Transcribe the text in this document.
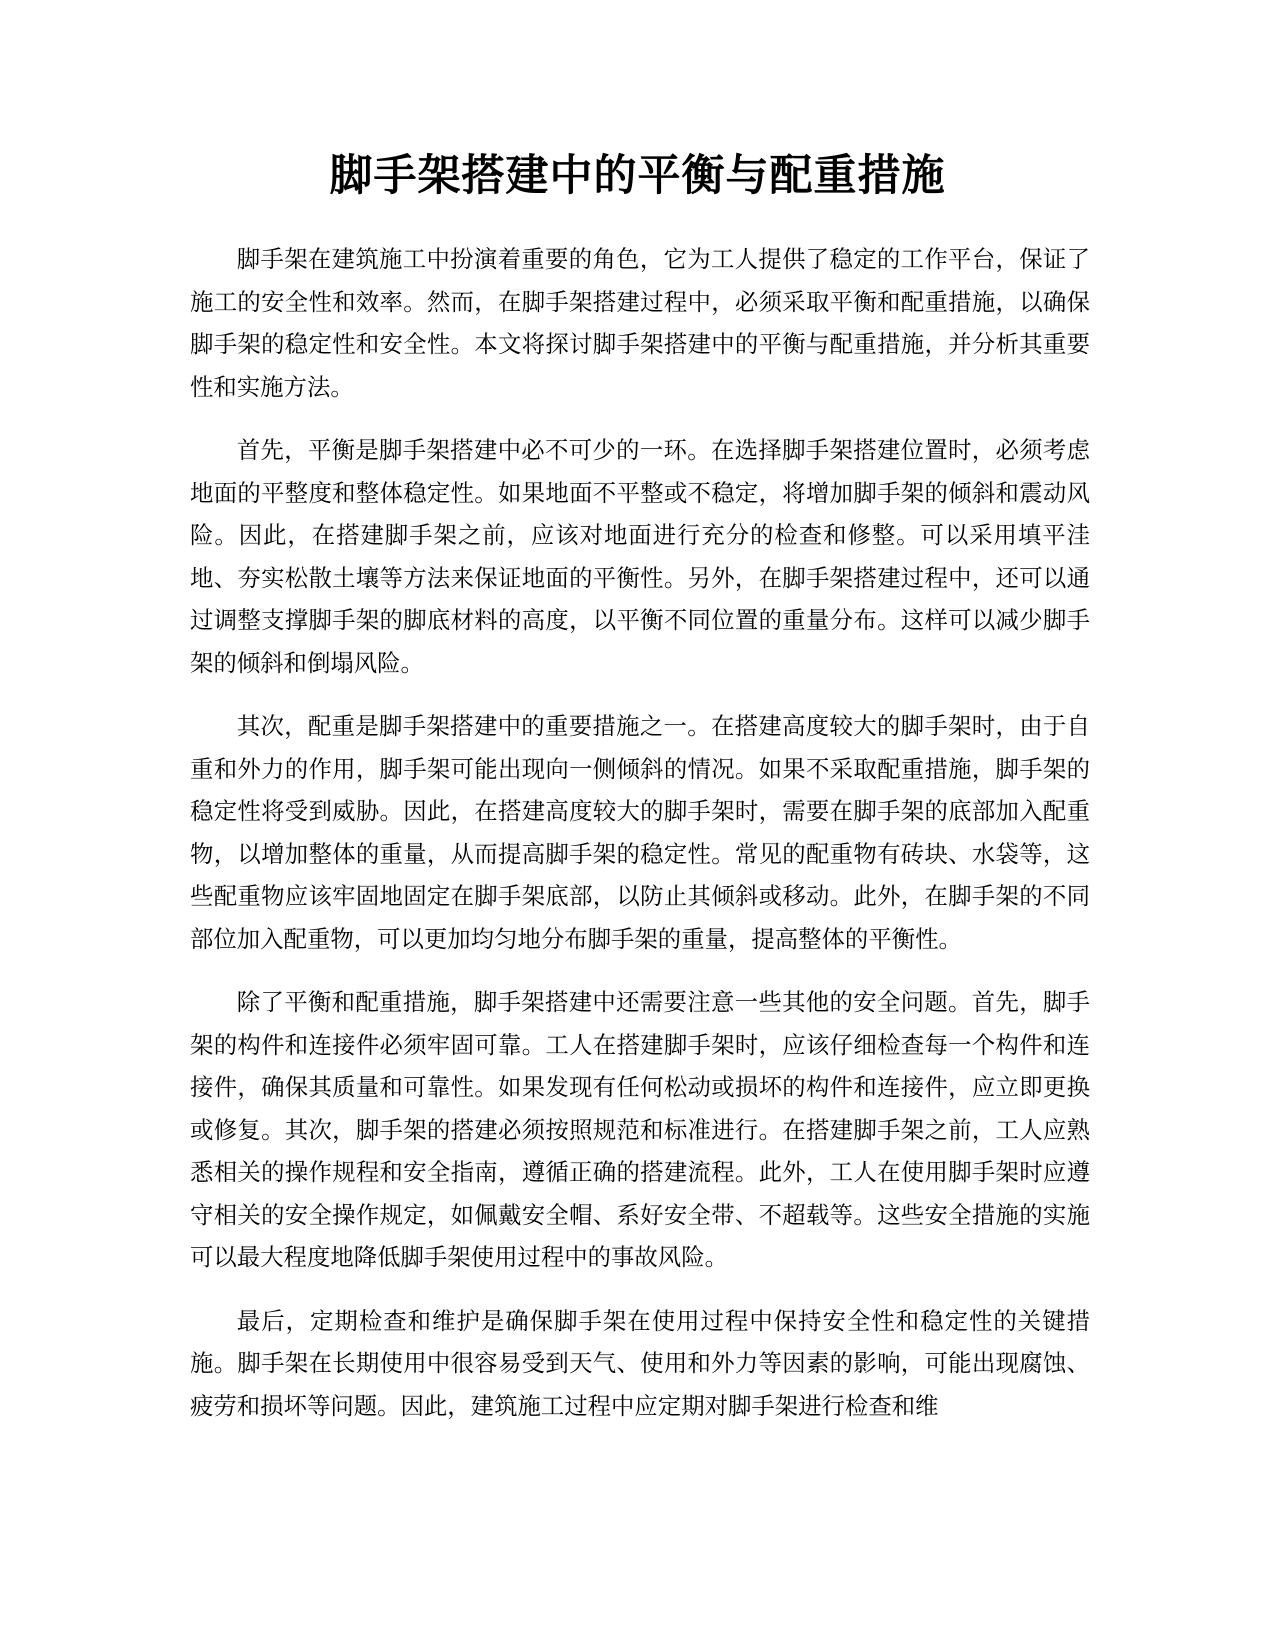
脚手架搭建中的平衡与配重措施

脚手架在建筑施工中扮演着重要的角色，它为工人提供了稳定的工作平台，保证了施工的安全性和效率。然而，在脚手架搭建过程中，必须采取平衡和配重措施，以确保脚手架的稳定性和安全性。本文将探讨脚手架搭建中的平衡与配重措施，并分析其重要性和实施方法。

首先，平衡是脚手架搭建中必不可少的一环。在选择脚手架搭建位置时，必须考虑地面的平整度和整体稳定性。如果地面不平整或不稳定，将增加脚手架的倾斜和震动风险。因此，在搭建脚手架之前，应该对地面进行充分的检查和修整。可以采用填平洼地、夯实松散土壤等方法来保证地面的平衡性。另外，在脚手架搭建过程中，还可以通过调整支撑脚手架的脚底材料的高度，以平衡不同位置的重量分布。这样可以减少脚手架的倾斜和倒塌风险。

其次，配重是脚手架搭建中的重要措施之一。在搭建高度较大的脚手架时，由于自重和外力的作用，脚手架可能出现向一侧倾斜的情况。如果不采取配重措施，脚手架的稳定性将受到威胁。因此，在搭建高度较大的脚手架时，需要在脚手架的底部加入配重物，以增加整体的重量，从而提高脚手架的稳定性。常见的配重物有砖块、水袋等，这些配重物应该牢固地固定在脚手架底部，以防止其倾斜或移动。此外，在脚手架的不同部位加入配重物，可以更加均匀地分布脚手架的重量，提高整体的平衡性。

除了平衡和配重措施，脚手架搭建中还需要注意一些其他的安全问题。首先，脚手架的构件和连接件必须牢固可靠。工人在搭建脚手架时，应该仔细检查每一个构件和连接件，确保其质量和可靠性。如果发现有任何松动或损坏的构件和连接件，应立即更换或修复。其次，脚手架的搭建必须按照规范和标准进行。在搭建脚手架之前，工人应熟悉相关的操作规程和安全指南，遵循正确的搭建流程。此外，工人在使用脚手架时应遵守相关的安全操作规定，如佩戴安全帽、系好安全带、不超载等。这些安全措施的实施可以最大程度地降低脚手架使用过程中的事故风险。

最后，定期检查和维护是确保脚手架在使用过程中保持安全性和稳定性的关键措施。脚手架在长期使用中很容易受到天气、使用和外力等因素的影响，可能出现腐蚀、疲劳和损坏等问题。因此，建筑施工过程中应定期对脚手架进行检查和维
